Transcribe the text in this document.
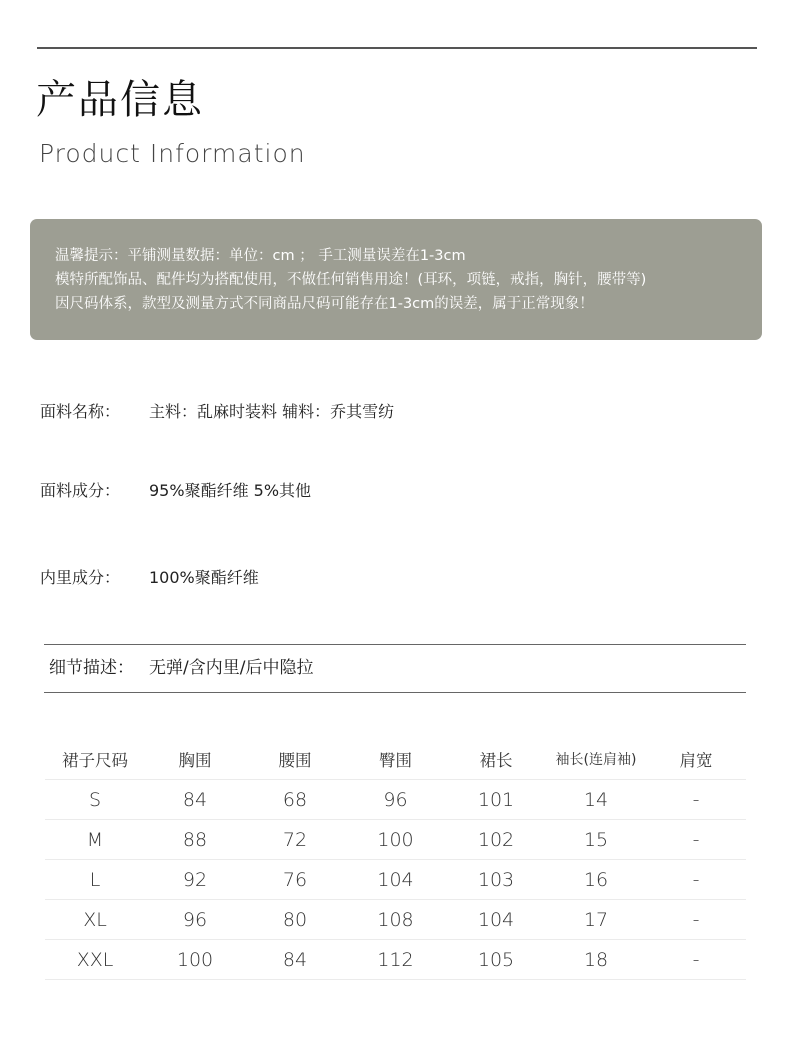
产品信息
Product Information
温馨提示：平铺测量数据：单位：cm ； 手工测量误差在1-3cm
模特所配饰品、配件均为搭配使用，不做任何销售用途！(耳环，项链，戒指，胸针，腰带等)
因尺码体系，款型及测量方式不同商品尺码可能存在1-3cm的误差，属于正常现象！
面料名称： 主料：乱麻时装料 辅料：乔其雪纺
面料成分： 95%聚酯纤维 5%其他
内里成分： 100%聚酯纤维
细节描述： 无弹/含内里/后中隐拉
裙子尺码	胸围	腰围	臀围	裙长	袖长(连肩袖)	肩宽
S	84	68	96	101	14	-
M	88	72	100	102	15	-
L	92	76	104	103	16	-
XL	96	80	108	104	17	-
XXL	100	84	112	105	18	-
